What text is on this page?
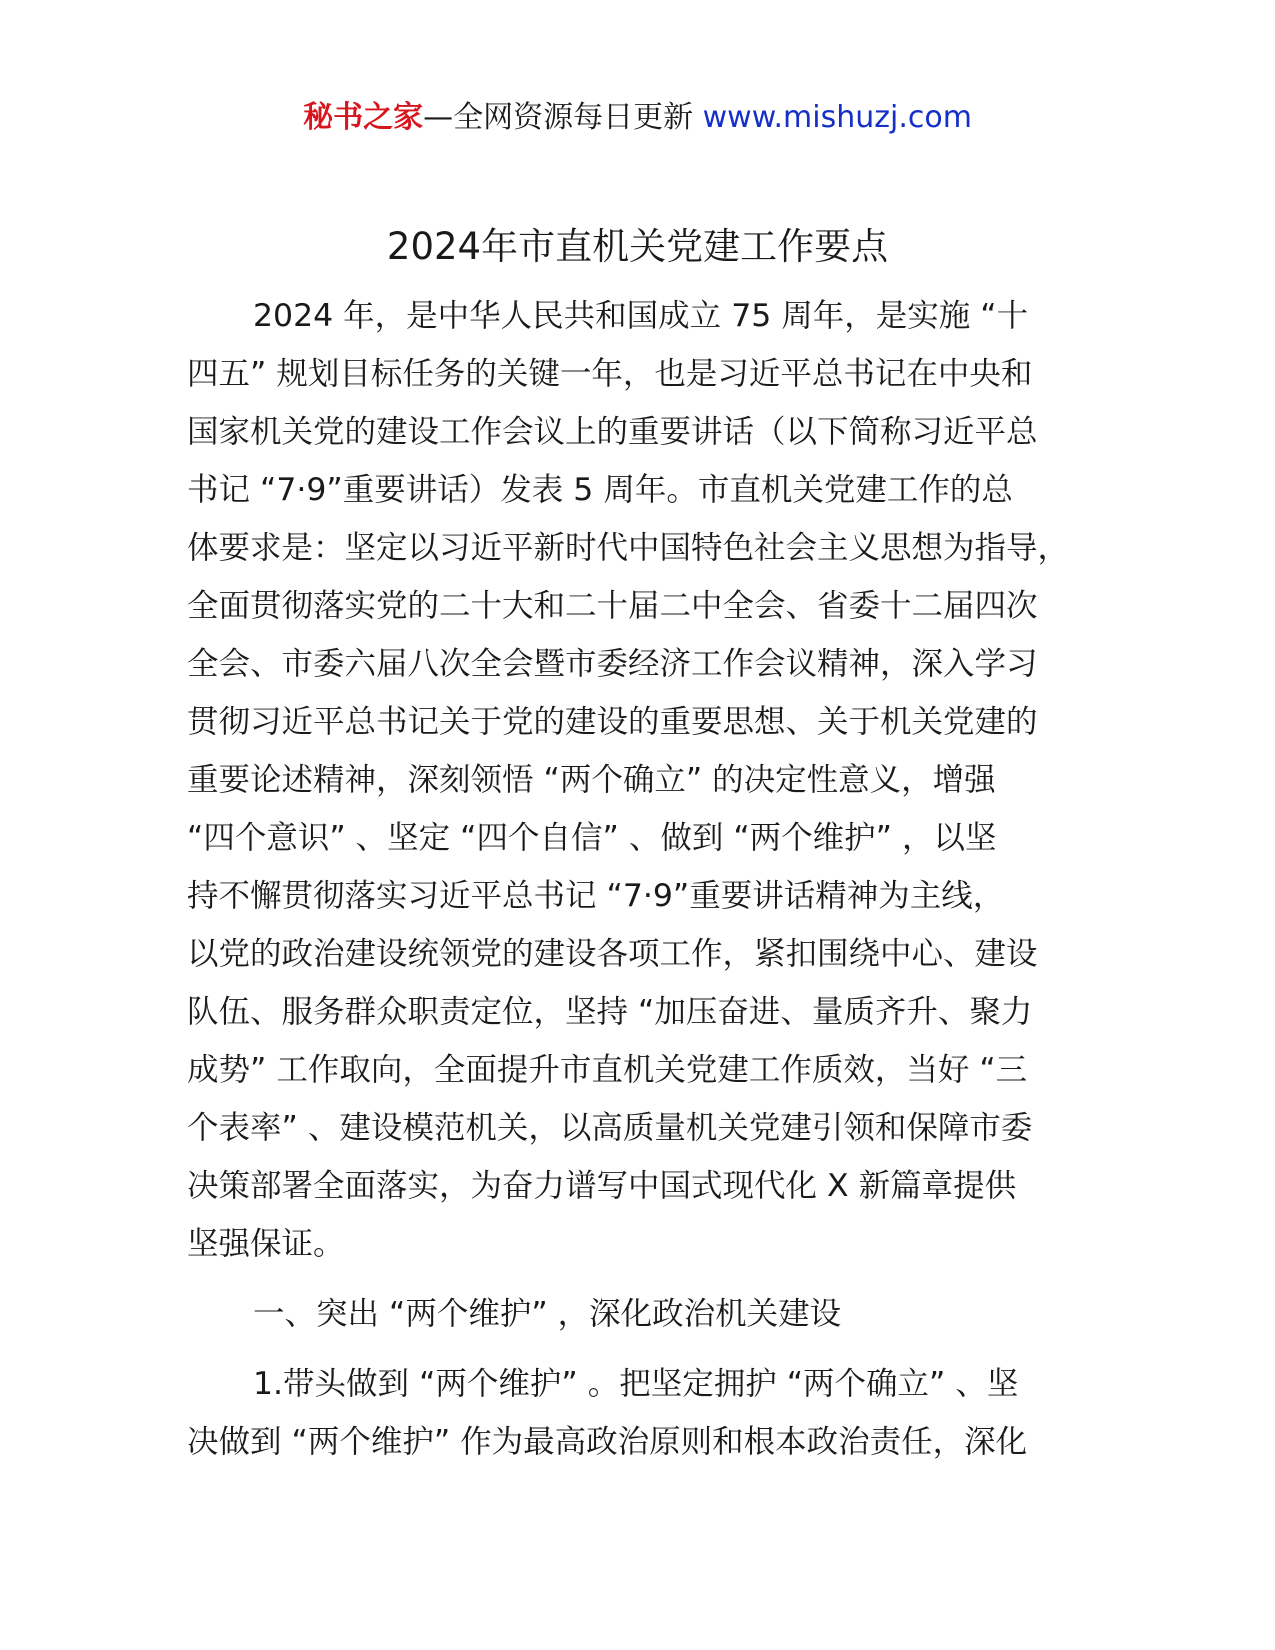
秘书之家—全网资源每日更新 www.mishuzj.com
2024年市直机关党建工作要点
2024 年，是中华人民共和国成立 75 周年，是实施 “十
四五” 规划目标任务的关键一年，也是习近平总书记在中央和
国家机关党的建设工作会议上的重要讲话（以下简称习近平总
书记 “7·9”重要讲话）发表 5 周年。市直机关党建工作的总
体要求是：坚定以习近平新时代中国特色社会主义思想为指导，
全面贯彻落实党的二十大和二十届二中全会、省委十二届四次
全会、市委六届八次全会暨市委经济工作会议精神，深入学习
贯彻习近平总书记关于党的建设的重要思想、关于机关党建的
重要论述精神，深刻领悟 “两个确立” 的决定性意义，增强
“四个意识” 、坚定 “四个自信” 、做到 “两个维护” ，以坚
持不懈贯彻落实习近平总书记 “7·9”重要讲话精神为主线，
以党的政治建设统领党的建设各项工作，紧扣围绕中心、建设
队伍、服务群众职责定位，坚持 “加压奋进、量质齐升、聚力
成势” 工作取向，全面提升市直机关党建工作质效，当好 “三
个表率” 、建设模范机关，以高质量机关党建引领和保障市委
决策部署全面落实，为奋力谱写中国式现代化 X 新篇章提供
坚强保证。
一、突出 “两个维护” ，深化政治机关建设
1.带头做到 “两个维护” 。把坚定拥护 “两个确立” 、坚
决做到 “两个维护” 作为最高政治原则和根本政治责任，深化
